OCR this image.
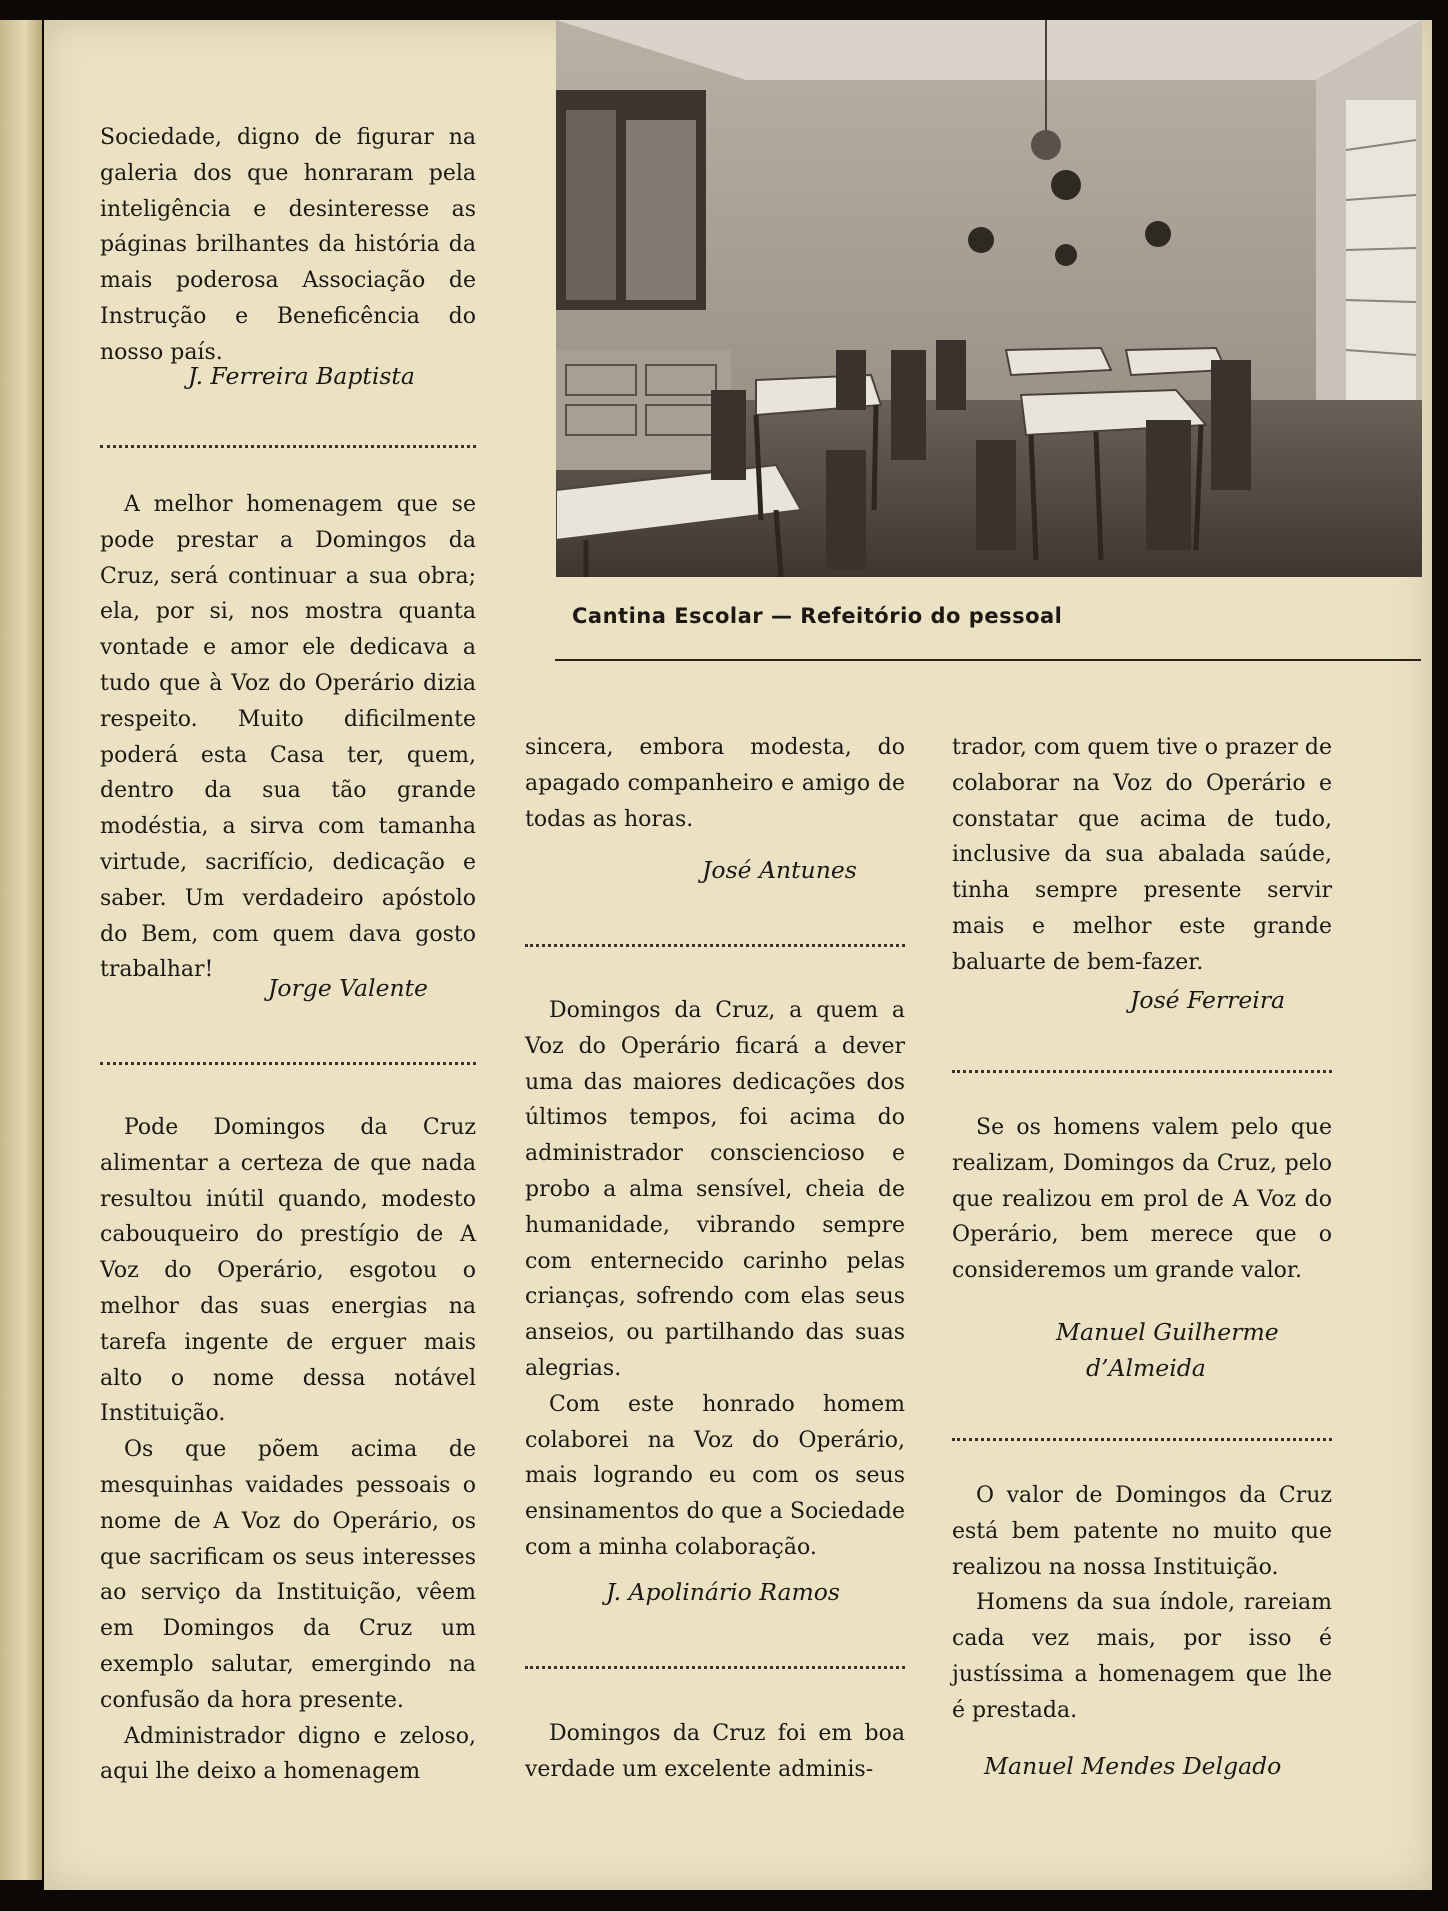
Cantina Escolar — Refeitório do pessoal

Sociedade, digno de figurar na galeria dos que honraram pela inteligência e desinteresse as páginas brilhantes da história da mais poderosa Associação de Instrução e Beneficência do nosso país.

J. Ferreira Baptista

A melhor homenagem que se pode prestar a Domingos da Cruz, será continuar a sua obra; ela, por si, nos mostra quanta vontade e amor ele dedicava a tudo que à Voz do Operário dizia respeito. Muito dificilmente poderá esta Casa ter, quem, dentro da sua tão grande modéstia, a sirva com tamanha virtude, sacrifício, dedicação e saber. Um verdadeiro apóstolo do Bem, com quem dava gosto trabalhar!

Jorge Valente

Pode Domingos da Cruz alimentar a certeza de que nada resultou inútil quando, modesto cabouqueiro do prestígio de A Voz do Operário, esgotou o melhor das suas energias na tarefa ingente de erguer mais alto o nome dessa notável Instituição.

Os que põem acima de mesquinhas vaidades pessoais o nome de A Voz do Operário, os que sacrificam os seus interesses ao serviço da Instituição, vêem em Domingos da Cruz um exemplo salutar, emergindo na confusão da hora presente.

Administrador digno e zeloso, aqui lhe deixo a homenagem

sincera, embora modesta, do apagado companheiro e amigo de todas as horas.

José Antunes

Domingos da Cruz, a quem a Voz do Operário ficará a dever uma das maiores dedicações dos últimos tempos, foi acima do administrador consciencioso e probo a alma sensível, cheia de humanidade, vibrando sempre com enternecido carinho pelas crianças, sofrendo com elas seus anseios, ou partilhando das suas alegrias.

Com este honrado homem colaborei na Voz do Operário, mais logrando eu com os seus ensinamentos do que a Sociedade com a minha colaboração.

J. Apolinário Ramos

Domingos da Cruz foi em boa verdade um excelente adminis-

trador, com quem tive o prazer de colaborar na Voz do Operário e constatar que acima de tudo, inclusive da sua abalada saúde, tinha sempre presente servir mais e melhor este grande baluarte de bem-fazer.

José Ferreira

Se os homens valem pelo que realizam, Domingos da Cruz, pelo que realizou em prol de A Voz do Operário, bem merece que o consideremos um grande valor.

Manuel Guilherme
d’Almeida

O valor de Domingos da Cruz está bem patente no muito que realizou na nossa Instituição.

Homens da sua índole, rareiam cada vez mais, por isso é justíssima a homenagem que lhe é prestada.

Manuel Mendes Delgado
